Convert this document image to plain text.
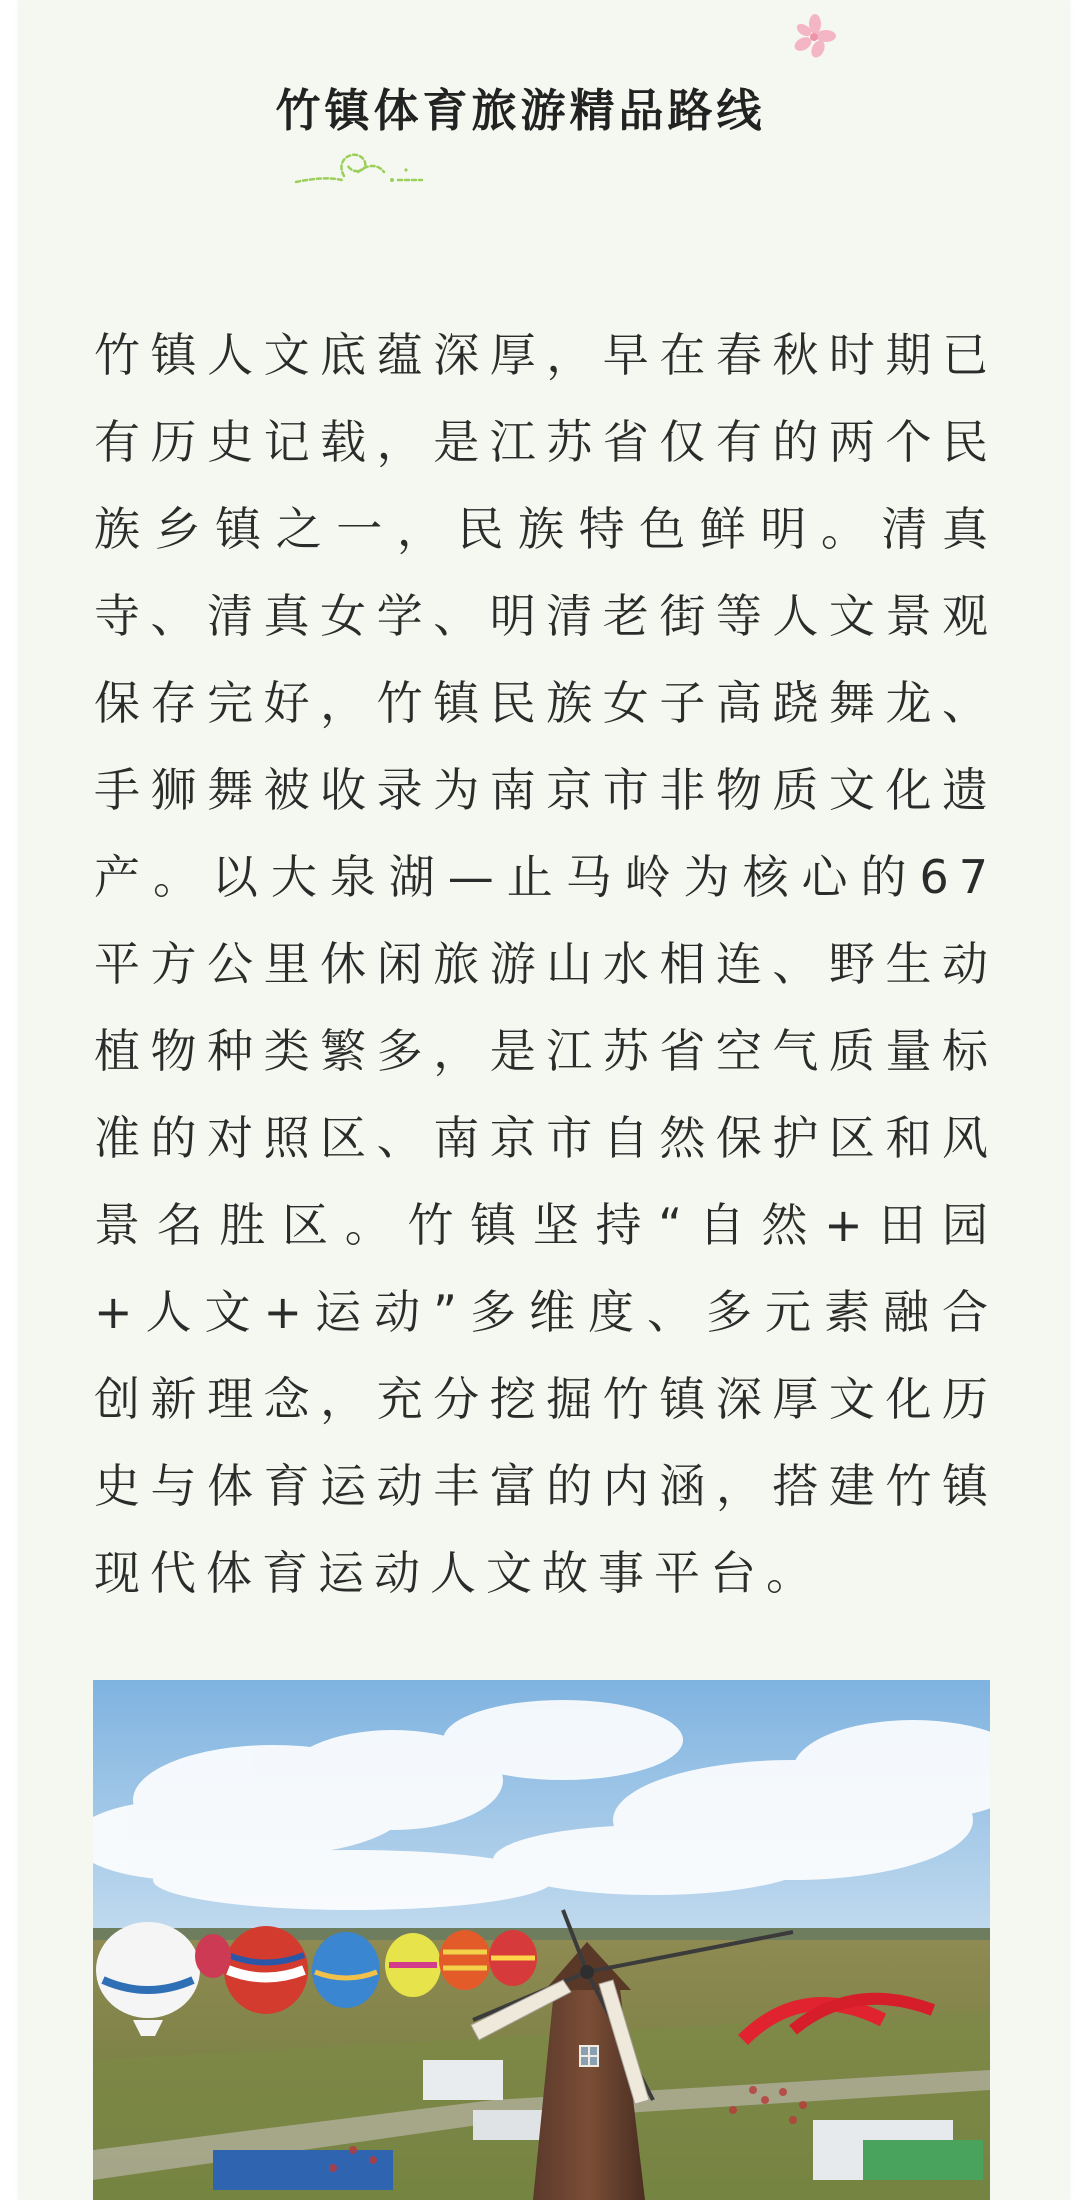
竹镇体育旅游精品路线
竹镇人文底蕴深厚，早在春秋时期已有历史记载，是江苏省仅有的两个民族乡镇之一，民族特色鲜明。清真寺、清真女学、明清老街等人文景观保存完好，竹镇民族女子高跷舞龙、手狮舞被收录为南京市非物质文化遗产。以大泉湖—止马岭为核心的67平方公里休闲旅游山水相连、野生动植物种类繁多，是江苏省空气质量标准的对照区、南京市自然保护区和风景名胜区。竹镇坚持“自然+田园+人文+运动”多维度、多元素融合创新理念，充分挖掘竹镇深厚文化历史与体育运动丰富的内涵，搭建竹镇现代体育运动人文故事平台。
